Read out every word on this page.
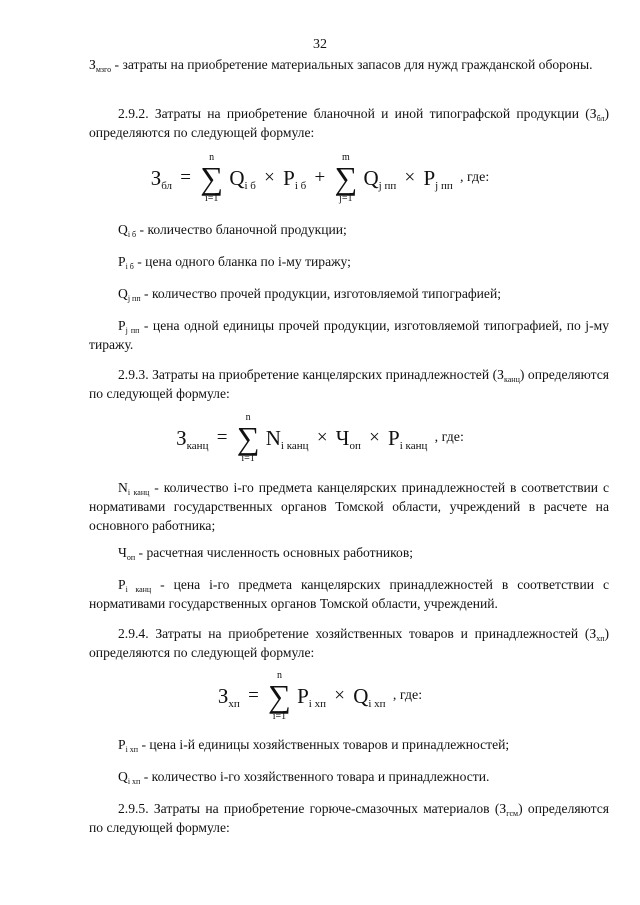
32
$З_{мзго}$ - затраты на приобретение материальных запасов для нужд гражданской обороны.
2.9.2. Затраты на приобретение бланочной и иной типографской продукции $(З_{бл})$ определяются по следующей формуле:
Збл =
n
∑
i=1
Qi б × Pi б +
m
∑
j=1
Qj пп × Pj пп , где:
$Q_{i б}$ - количество бланочной продукции;
$P_{i б}$ - цена одного бланка по i-му тиражу;
$Q_{j пп}$ - количество прочей продукции, изготовляемой типографией;
$P_{j пп}$ - цена одной единицы прочей продукции, изготовляемой типографией, по j-му тиражу.
2.9.3. Затраты на приобретение канцелярских принадлежностей $(З_{канц})$ определяются по следующей формуле:
Зканц =
n
∑
i=1
Ni канц × Чоп × Pi канц , где:
$N_{i канц}$ - количество i-го предмета канцелярских принадлежностей в соответствии с нормативами государственных органов Томской области, учреждений в расчете на основного работника;
$Ч_{оп}$ - расчетная численность основных работников;
$P_{i канц}$ - цена i-го предмета канцелярских принадлежностей в соответствии с нормативами государственных органов Томской области, учреждений.
2.9.4. Затраты на приобретение хозяйственных товаров и принадлежностей $(З_{хп})$ определяются по следующей формуле:
Зхп =
n
∑
i=1
Pi хп × Qi хп , где:
$P_{i хп}$ - цена i-й единицы хозяйственных товаров и принадлежностей;
$Q_{i хп}$ - количество i-го хозяйственного товара и принадлежности.
2.9.5. Затраты на приобретение горюче-смазочных материалов $(З_{гсм})$ определяются по следующей формуле:
